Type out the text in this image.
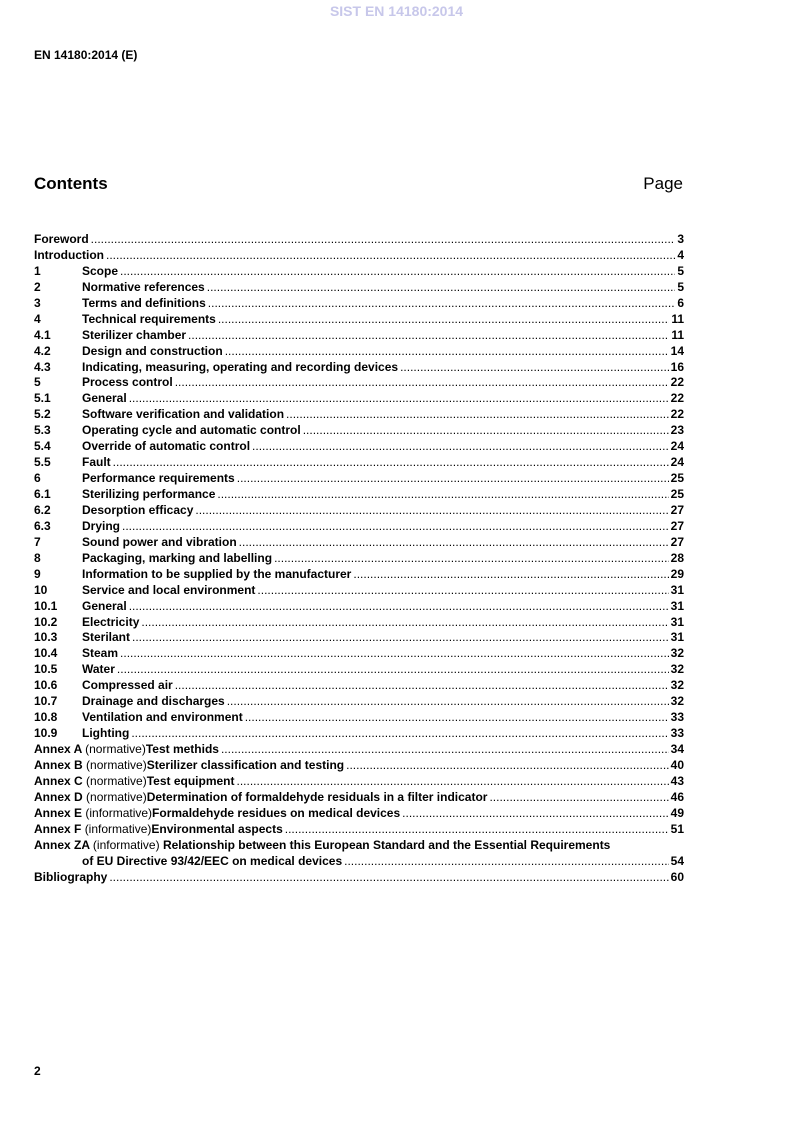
SIST EN 14180:2014
EN 14180:2014 (E)
Contents	Page
Foreword .....	3
Introduction .....	4
1	Scope .....	5
2	Normative references .....	5
3	Terms and definitions .....	6
4	Technical requirements .....	11
4.1	Sterilizer chamber .....	11
4.2	Design and construction .....	14
4.3	Indicating, measuring, operating and recording devices .....	16
5	Process control .....	22
5.1	General .....	22
5.2	Software verification and validation .....	22
5.3	Operating cycle and automatic control .....	23
5.4	Override of automatic control .....	24
5.5	Fault .....	24
6	Performance requirements .....	25
6.1	Sterilizing performance .....	25
6.2	Desorption efficacy .....	27
6.3	Drying .....	27
7	Sound power and vibration .....	27
8	Packaging, marking and labelling .....	28
9	Information to be supplied by the manufacturer .....	29
10	Service and local environment .....	31
10.1	General .....	31
10.2	Electricity .....	31
10.3	Sterilant .....	31
10.4	Steam .....	32
10.5	Water .....	32
10.6	Compressed air .....	32
10.7	Drainage and discharges .....	32
10.8	Ventilation and environment .....	33
10.9	Lighting .....	33
Annex A (normative) Test methids .....	34
Annex B (normative) Sterilizer classification and testing .....	40
Annex C (normative) Test equipment .....	43
Annex D (normative) Determination of formaldehyde residuals in a filter indicator .....	46
Annex E (informative) Formaldehyde residues on medical devices .....	49
Annex F (informative) Environmental aspects .....	51
Annex ZA (informative) Relationship between this European Standard and the Essential Requirements
of EU Directive 93/42/EEC on medical devices .....	54
Bibliography .....	60
2
